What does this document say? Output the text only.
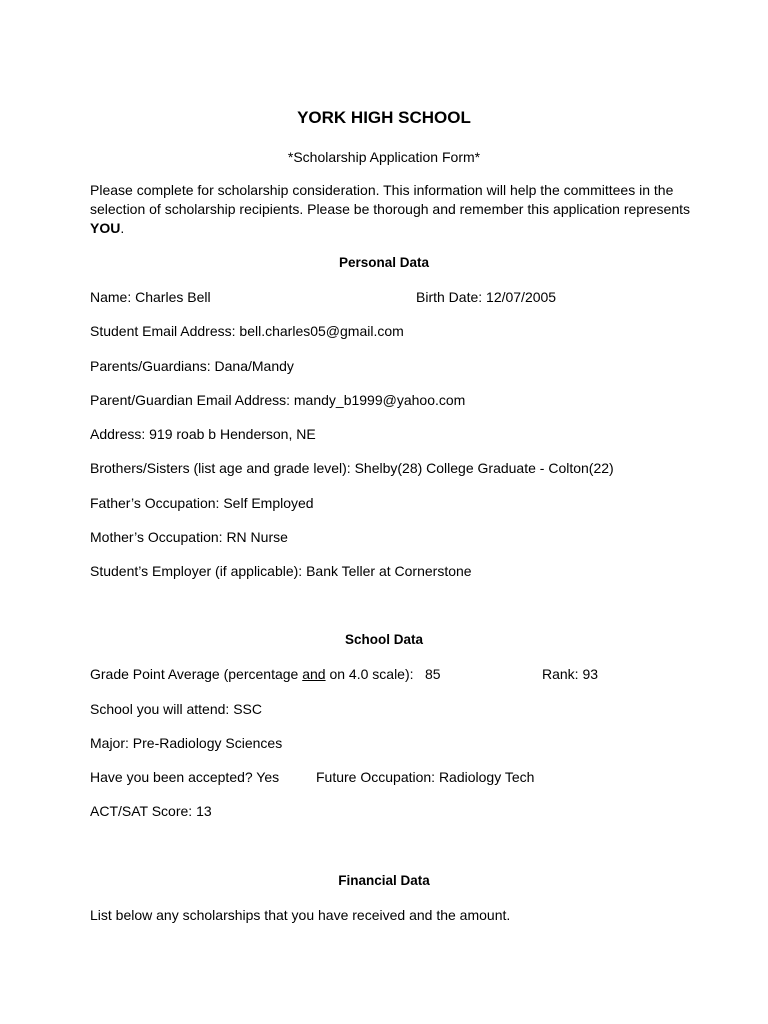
YORK HIGH SCHOOL
*Scholarship Application Form*
Please complete for scholarship consideration. This information will help the committees in the selection of scholarship recipients. Please be thorough and remember this application represents YOU.
Personal Data
Name: Charles Bell	Birth Date: 12/07/2005
Student Email Address: bell.charles05@gmail.com
Parents/Guardians: Dana/Mandy
Parent/Guardian Email Address: mandy_b1999@yahoo.com
Address: 919 roab b Henderson, NE
Brothers/Sisters (list age and grade level): Shelby(28) College Graduate - Colton(22)
Father’s Occupation: Self Employed
Mother’s Occupation: RN Nurse
Student’s Employer (if applicable): Bank Teller at Cornerstone
School Data
Grade Point Average (percentage and on 4.0 scale): 85	Rank: 93
School you will attend: SSC
Major: Pre-Radiology Sciences
Have you been accepted? Yes	Future Occupation: Radiology Tech
ACT/SAT Score: 13
Financial Data
List below any scholarships that you have received and the amount.
